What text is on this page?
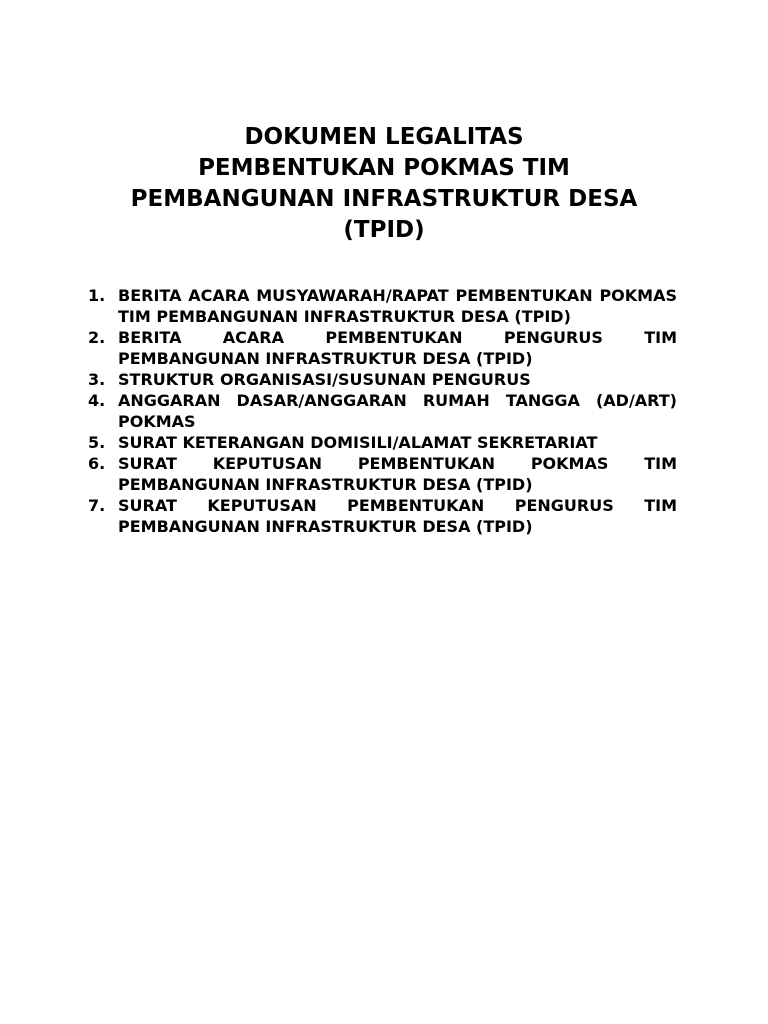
DOKUMEN LEGALITAS
PEMBENTUKAN POKMAS TIM
PEMBANGUNAN INFRASTRUKTUR DESA
(TPID)
1. BERITA ACARA MUSYAWARAH/RAPAT PEMBENTUKAN POKMAS TIM PEMBANGUNAN INFRASTRUKTUR DESA (TPID)
2. BERITA ACARA PEMBENTUKAN PENGURUS TIM PEMBANGUNAN INFRASTRUKTUR DESA (TPID)
3. STRUKTUR ORGANISASI/SUSUNAN PENGURUS
4. ANGGARAN DASAR/ANGGARAN RUMAH TANGGA (AD/ART) POKMAS
5. SURAT KETERANGAN DOMISILI/ALAMAT SEKRETARIAT
6. SURAT KEPUTUSAN PEMBENTUKAN POKMAS TIM PEMBANGUNAN INFRASTRUKTUR DESA (TPID)
7. SURAT KEPUTUSAN PEMBENTUKAN PENGURUS TIM PEMBANGUNAN INFRASTRUKTUR DESA (TPID)
